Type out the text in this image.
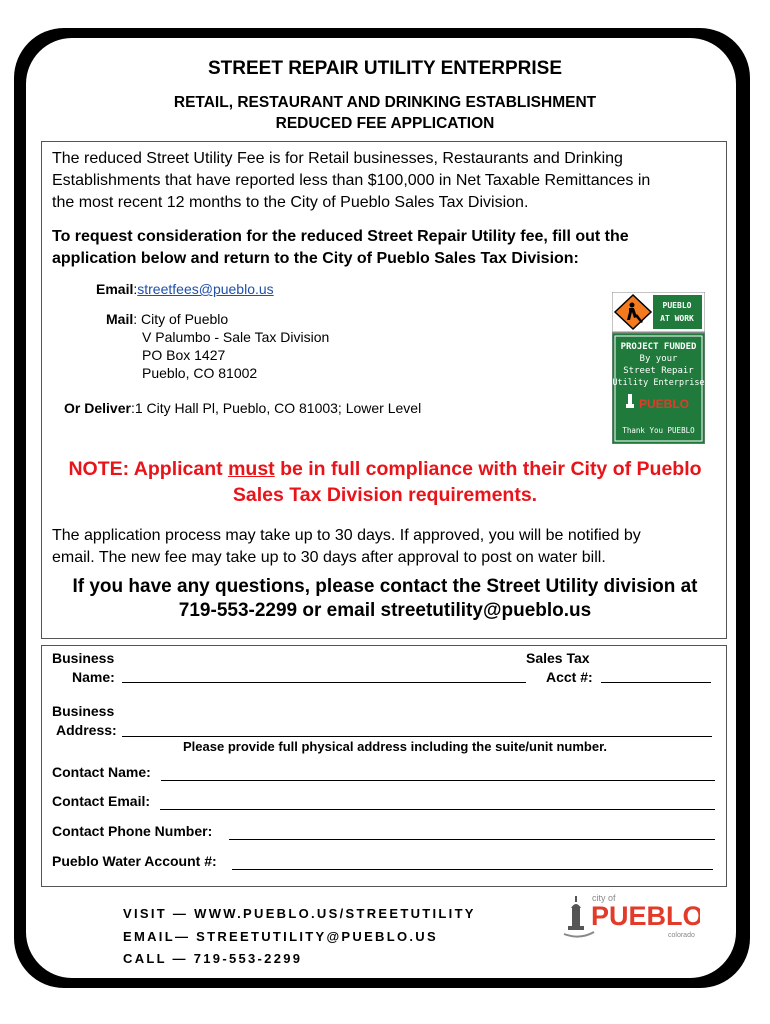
STREET REPAIR UTILITY ENTERPRISE
RETAIL, RESTAURANT AND DRINKING ESTABLISHMENT
REDUCED FEE APPLICATION
The reduced Street Utility Fee is for Retail businesses, Restaurants and Drinking
Establishments that have reported less than $100,000 in Net Taxable Remittances in
the most recent 12 months to the City of Pueblo Sales Tax Division.
To request consideration for the reduced Street Repair Utility fee, fill out the
application below and return to the City of Pueblo Sales Tax Division:
Email:streetfees@pueblo.us
Mail: City of Pueblo
V Palumbo - Sale Tax Division
PO Box 1427
Pueblo, CO 81002
Or Deliver:1 City Hall Pl, Pueblo, CO 81003; Lower Level
PUEBLO
AT WORK
PROJECT FUNDED
By your
Street Repair
Utility Enterprise
PUEBLO
Thank You PUEBLO
NOTE: Applicant must be in full compliance with their City of Pueblo
Sales Tax Division requirements.
The application process may take up to 30 days. If approved, you will be notified by
email. The new fee may take up to 30 days after approval to post on water bill.
If you have any questions, please contact the Street Utility division at
719-553-2299 or email streetutility@pueblo.us
Business
Name:
Sales Tax
Acct #:
Business
Address:
Please provide full physical address including the suite/unit number.
Contact Name:
Contact Email:
Contact Phone Number:
Pueblo Water Account #:
VISIT — WWW.PUEBLO.US/STREETUTILITY
EMAIL— STREETUTILITY@PUEBLO.US
CALL — 719-553-2299
city of
PUEBLO
colorado
